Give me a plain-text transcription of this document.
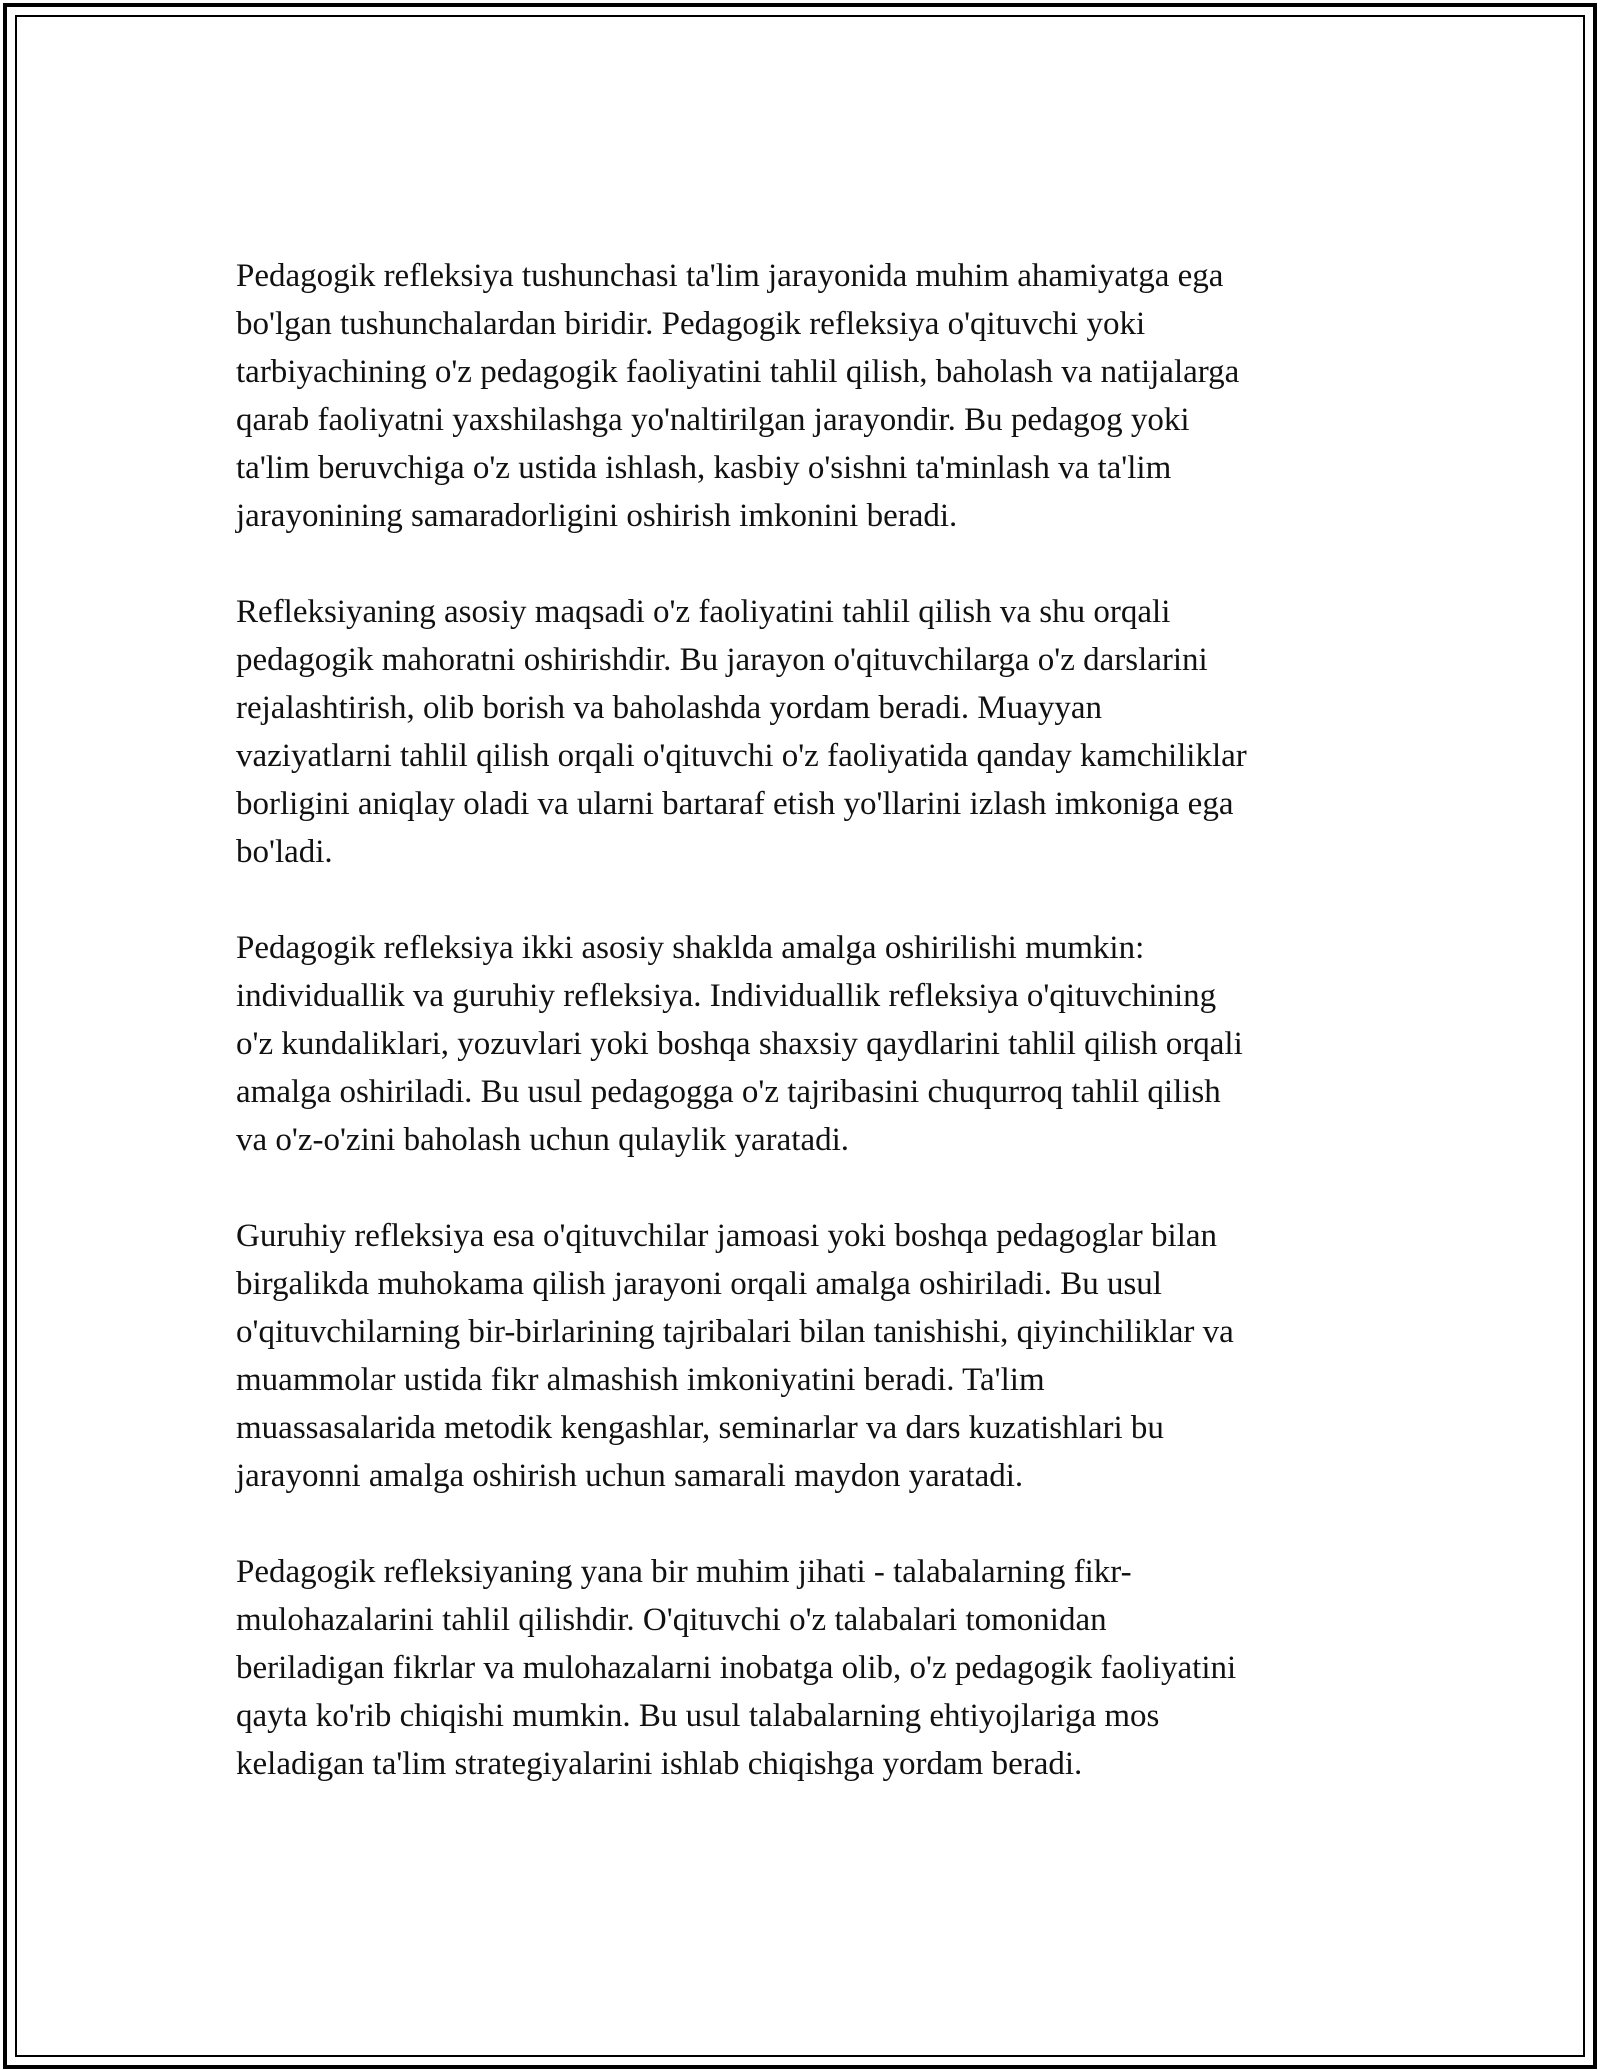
Pedagogik refleksiya tushunchasi ta'lim jarayonida muhim ahamiyatga ega
bo'lgan tushunchalardan biridir. Pedagogik refleksiya o'qituvchi yoki
tarbiyachining o'z pedagogik faoliyatini tahlil qilish, baholash va natijalarga
qarab faoliyatni yaxshilashga yo'naltirilgan jarayondir. Bu pedagog yoki
ta'lim beruvchiga o'z ustida ishlash, kasbiy o'sishni ta'minlash va ta'lim
jarayonining samaradorligini oshirish imkonini beradi.

Refleksiyaning asosiy maqsadi o'z faoliyatini tahlil qilish va shu orqali
pedagogik mahoratni oshirishdir. Bu jarayon o'qituvchilarga o'z darslarini
rejalashtirish, olib borish va baholashda yordam beradi. Muayyan
vaziyatlarni tahlil qilish orqali o'qituvchi o'z faoliyatida qanday kamchiliklar
borligini aniqlay oladi va ularni bartaraf etish yo'llarini izlash imkoniga ega
bo'ladi.

Pedagogik refleksiya ikki asosiy shaklda amalga oshirilishi mumkin:
individuallik va guruhiy refleksiya. Individuallik refleksiya o'qituvchining
o'z kundaliklari, yozuvlari yoki boshqa shaxsiy qaydlarini tahlil qilish orqali
amalga oshiriladi. Bu usul pedagogga o'z tajribasini chuqurroq tahlil qilish
va o'z-o'zini baholash uchun qulaylik yaratadi.

Guruhiy refleksiya esa o'qituvchilar jamoasi yoki boshqa pedagoglar bilan
birgalikda muhokama qilish jarayoni orqali amalga oshiriladi. Bu usul
o'qituvchilarning bir-birlarining tajribalari bilan tanishishi, qiyinchiliklar va
muammolar ustida fikr almashish imkoniyatini beradi. Ta'lim
muassasalarida metodik kengashlar, seminarlar va dars kuzatishlari bu
jarayonni amalga oshirish uchun samarali maydon yaratadi.

Pedagogik refleksiyaning yana bir muhim jihati - talabalarning fikr-
mulohazalarini tahlil qilishdir. O'qituvchi o'z talabalari tomonidan
beriladigan fikrlar va mulohazalarni inobatga olib, o'z pedagogik faoliyatini
qayta ko'rib chiqishi mumkin. Bu usul talabalarning ehtiyojlariga mos
keladigan ta'lim strategiyalarini ishlab chiqishga yordam beradi.
